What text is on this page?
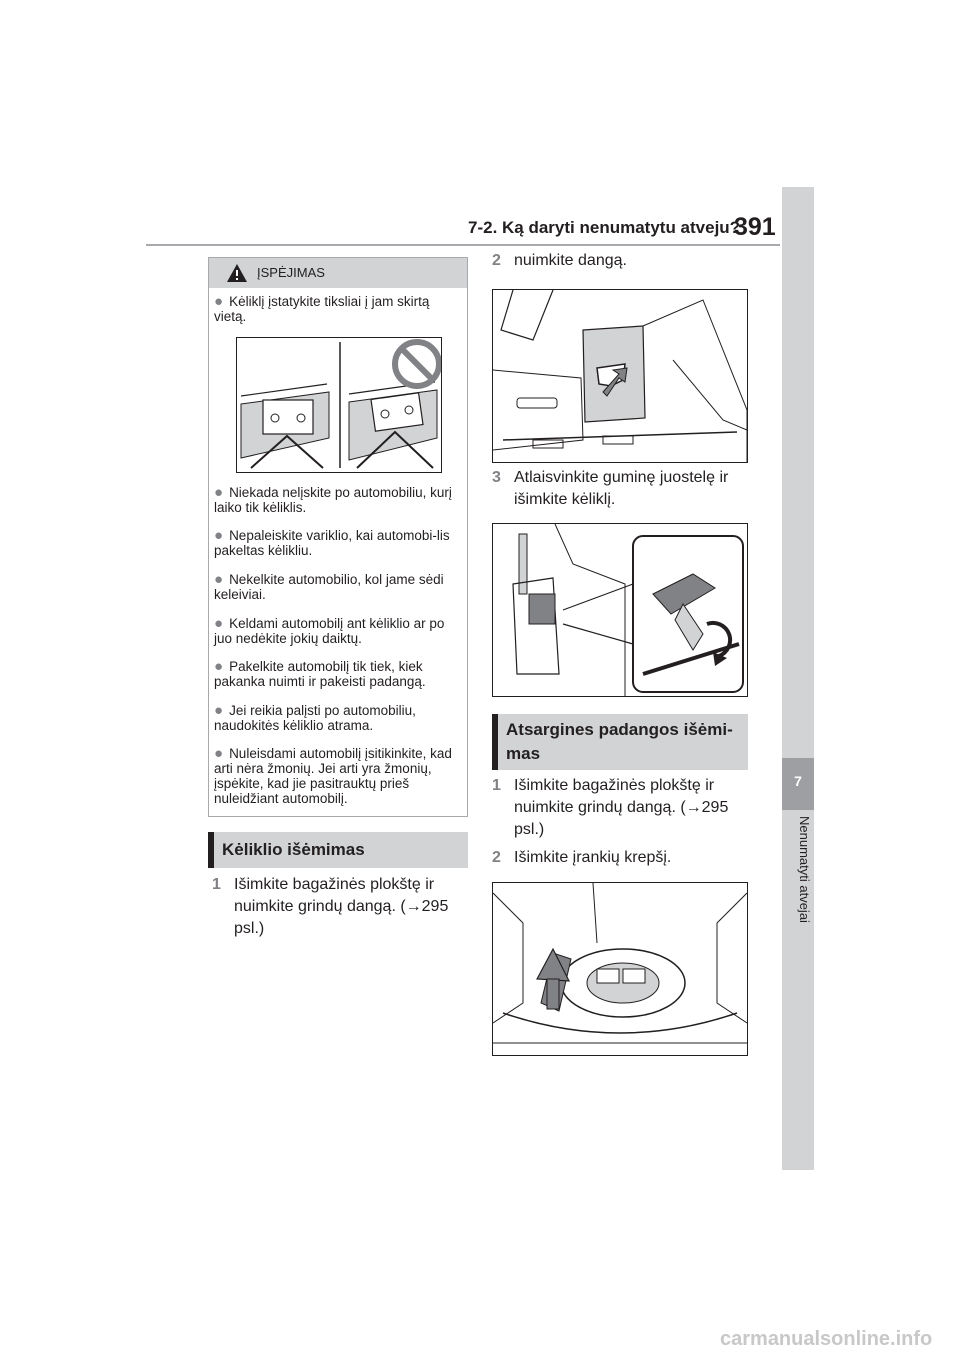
7-2. Ką daryti nenumatytu atveju?
391
7
Nenumatyti atvejai
ĮSPĖJIMAS
● Kėliklį įstatykite tiksliai į jam skirtą vietą.
● Niekada nelįskite po automobiliu, kurį laiko tik kėliklis.
● Nepaleiskite variklio, kai automobi-lis pakeltas kėlikliu.
● Nekelkite automobilio, kol jame sėdi keleiviai.
● Keldami automobilį ant kėliklio ar po juo nedėkite jokių daiktų.
● Pakelkite automobilį tik tiek, kiek pakanka nuimti ir pakeisti padangą.
● Jei reikia palįsti po automobiliu, naudokitės kėliklio atrama.
● Nuleisdami automobilį įsitikinkite, kad arti nėra žmonių. Jei arti yra žmonių, įspėkite, kad jie pasitrauktų prieš nuleidžiant automobilį.
Kėliklio išėmimas
1 Išimkite bagažinės plokštę ir
nuimkite grindų dangą. (→295
psl.)
2 nuimkite dangą.
3 Atlaisvinkite guminę juostelę ir
išimkite kėliklį.
Atsargines padangos išėmi-
mas
1 Išimkite bagažinės plokštę ir
nuimkite grindų dangą. (→295
psl.)
2 Išimkite įrankių krepšį.
carmanualsonline.info
